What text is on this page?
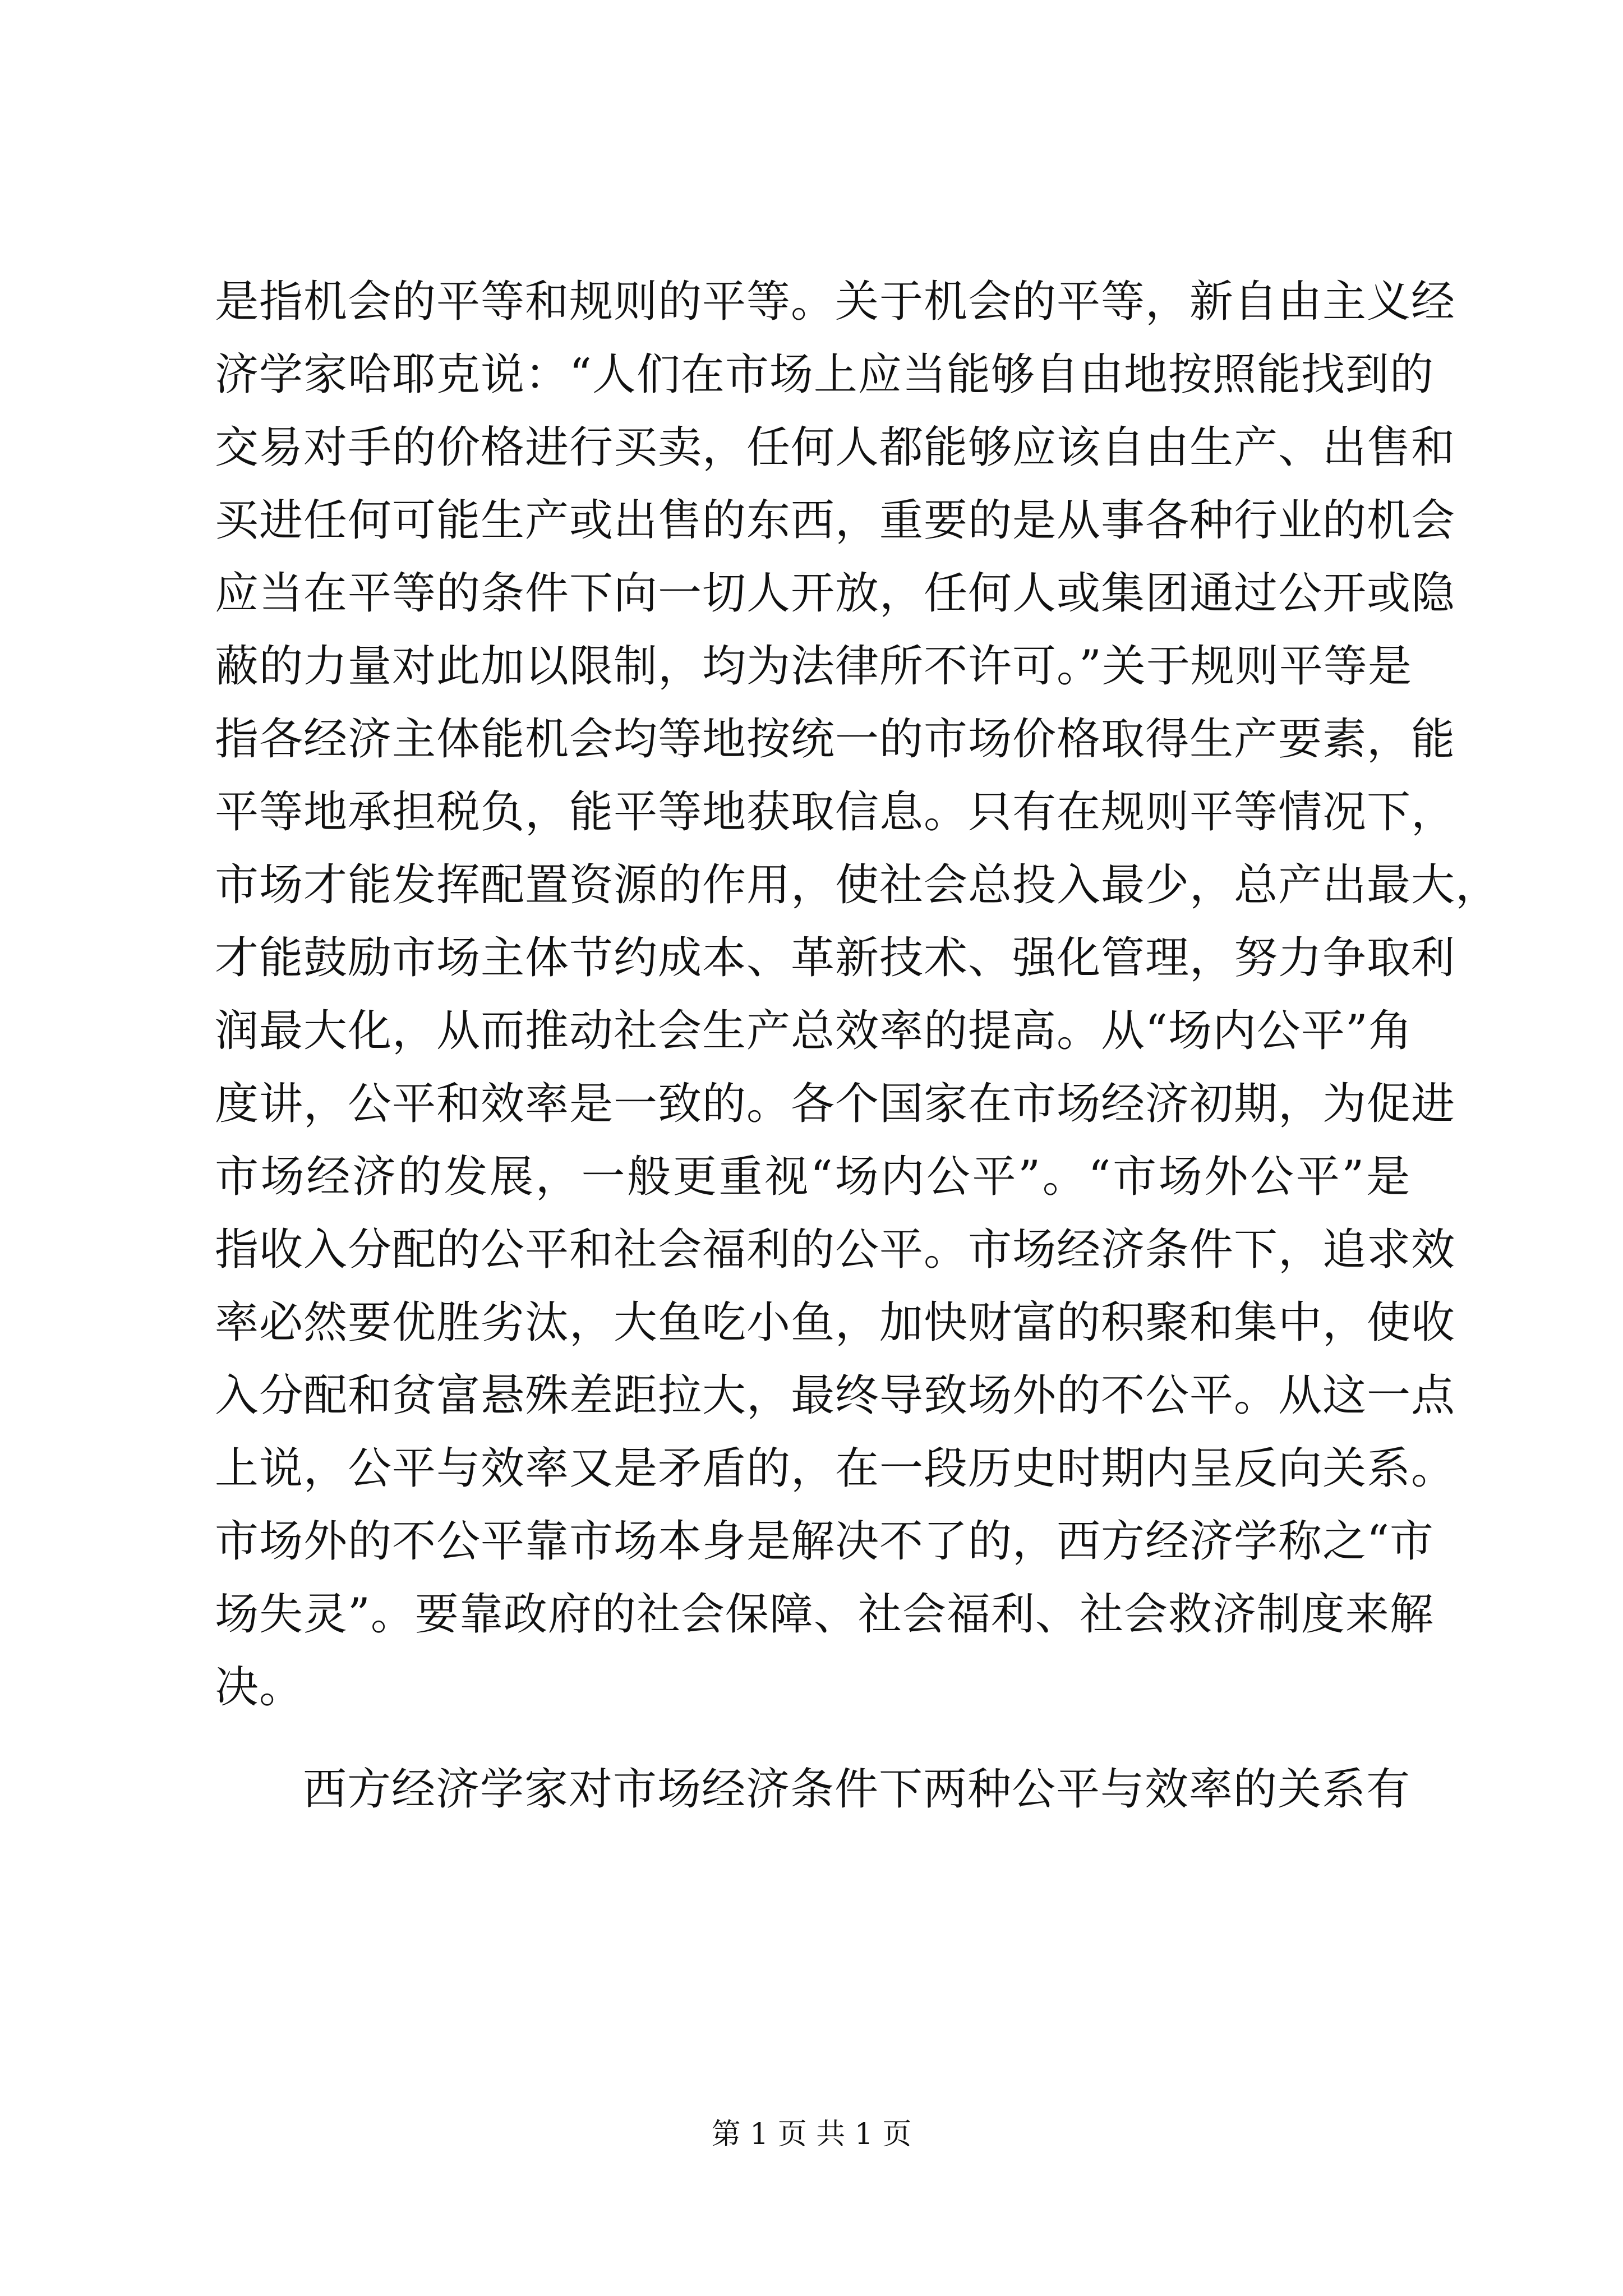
是指机会的平等和规则的平等。关于机会的平等，新自由主义经
济学家哈耶克说：“人们在市场上应当能够自由地按照能找到的
交易对手的价格进行买卖，任何人都能够应该自由生产、出售和
买进任何可能生产或出售的东西，重要的是从事各种行业的机会
应当在平等的条件下向一切人开放，任何人或集团通过公开或隐
蔽的力量对此加以限制，均为法律所不许可。”关于规则平等是
指各经济主体能机会均等地按统一的市场价格取得生产要素，能
平等地承担税负，能平等地获取信息。只有在规则平等情况下，
市场才能发挥配置资源的作用，使社会总投入最少，总产出最大，
才能鼓励市场主体节约成本、革新技术、强化管理，努力争取利
润最大化，从而推动社会生产总效率的提高。从“场内公平”角
度讲，公平和效率是一致的。各个国家在市场经济初期，为促进
市场经济的发展，一般更重视“场内公平”。“市场外公平”是
指收入分配的公平和社会福利的公平。市场经济条件下，追求效
率必然要优胜劣汰，大鱼吃小鱼，加快财富的积聚和集中，使收
入分配和贫富悬殊差距拉大，最终导致场外的不公平。从这一点
上说，公平与效率又是矛盾的，在一段历史时期内呈反向关系。
市场外的不公平靠市场本身是解决不了的，西方经济学称之“市
场失灵”。要靠政府的社会保障、社会福利、社会救济制度来解
决。
西方经济学家对市场经济条件下两种公平与效率的关系有
第 1 页 共 1 页
